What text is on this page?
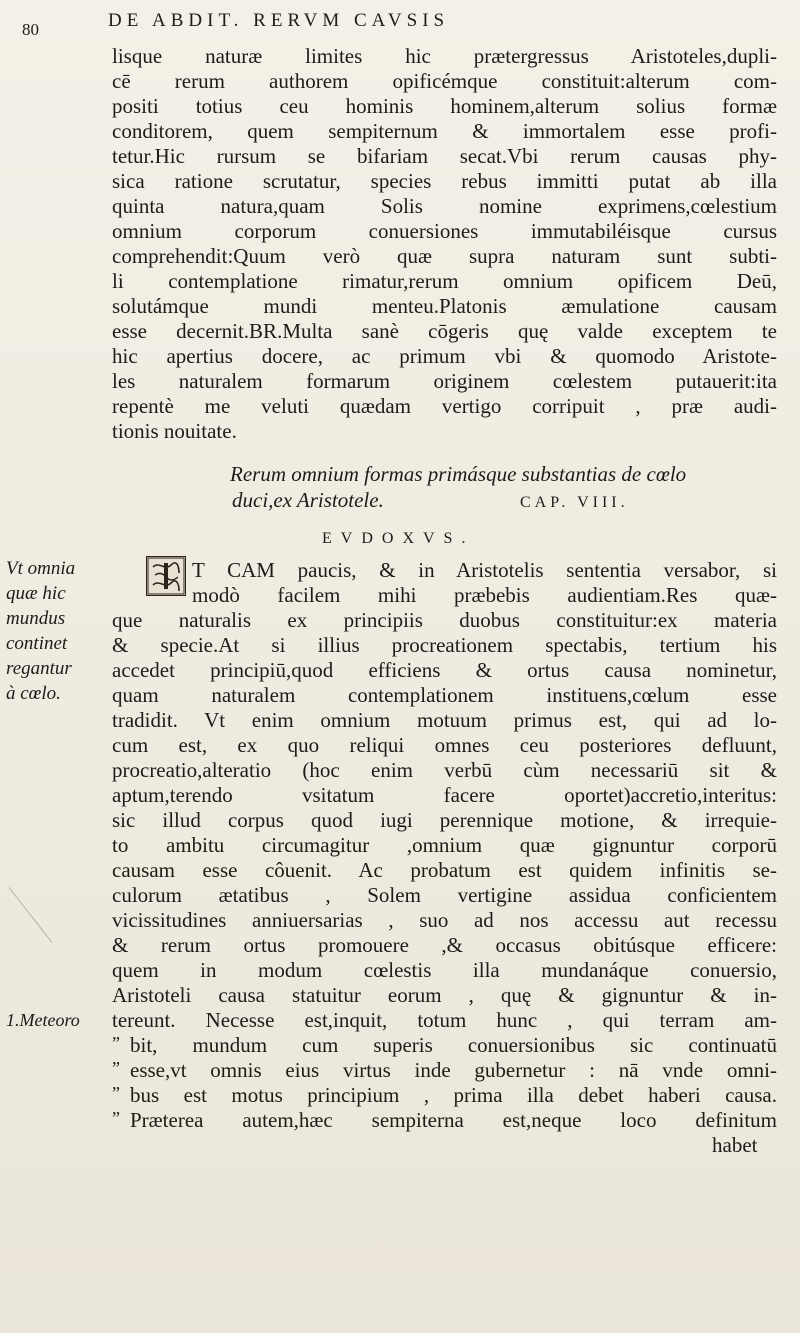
80	DE ABDIT. RERVM CAVSIS
lisque naturæ limites hic prætergressus Aristoteles,dupli-
cē rerum authorem opificémque constituit:alterum com-
positi totius ceu hominis hominem,alterum solius formæ
conditorem, quem sempiternum & immortalem esse profi-
tetur.Hic rursum se bifariam secat.Vbi rerum causas phy-
sica ratione scrutatur, species rebus immitti putat ab illa
quinta natura,quam Solis nomine exprimens,cœlestium
omnium corporum conuersiones immutabiléisque cursus
comprehendit:Quum verò quæ supra naturam sunt subti-
li contemplatione rimatur,rerum omnium opificem Deū,
solutámque mundi menteu.Platonis æmulatione causam
esse decernit.BR.Multa sanè cōgeris quę valde exceptem te
hic apertius docere, ac primum vbi & quomodo Aristote-
les naturalem formarum originem cœlestem putauerit:ita
repentè me veluti quædam vertigo corripuit , præ audi-
tionis nouitate.
Rerum omnium formas primásque substantias de cœlo
duci,ex Aristotele.	CAP. VIII.
EVDOXVS.
Vt omnia
quæ hic
mundus
continet
regantur
à cœlo.
T CAM paucis, & in Aristotelis sententia versabor, si
modò facilem mihi præbebis audientiam.Res quæ-
que naturalis ex principiis duobus constituitur:ex materia
& specie.At si illius procreationem spectabis, tertium his
accedet principiū,quod efficiens & ortus causa nominetur,
quam naturalem contemplationem instituens,cœlum esse
tradidit. Vt enim omnium motuum primus est, qui ad lo-
cum est, ex quo reliqui omnes ceu posteriores defluunt,
procreatio,alteratio (hoc enim verbū cùm necessariū sit &
aptum,terendo vsitatum facere oportet)accretio,interitus:
sic illud corpus quod iugi perennique motione, & irrequie-
to ambitu circumagitur ,omnium quæ gignuntur corporū
causam esse côuenit. Ac probatum est quidem infinitis se-
culorum ætatibus , Solem vertigine assidua conficientem
vicissitudines anniuersarias , suo ad nos accessu aut recessu
& rerum ortus promouere ,& occasus obitúsque efficere:
quem in modum cœlestis illa mundanáque conuersio,
Aristoteli causa statuitur eorum , quę & gignuntur & in-
tereunt. Necesse est,inquit, totum hunc , qui terram am-
” bit, mundum cum superis conuersionibus sic continuatū
” esse,vt omnis eius virtus inde gubernetur : nā vnde omni-
” bus est motus principium , prima illa debet haberi causa.
” Præterea autem,hæc sempiterna est,neque loco definitum
habet
1.Meteoro
